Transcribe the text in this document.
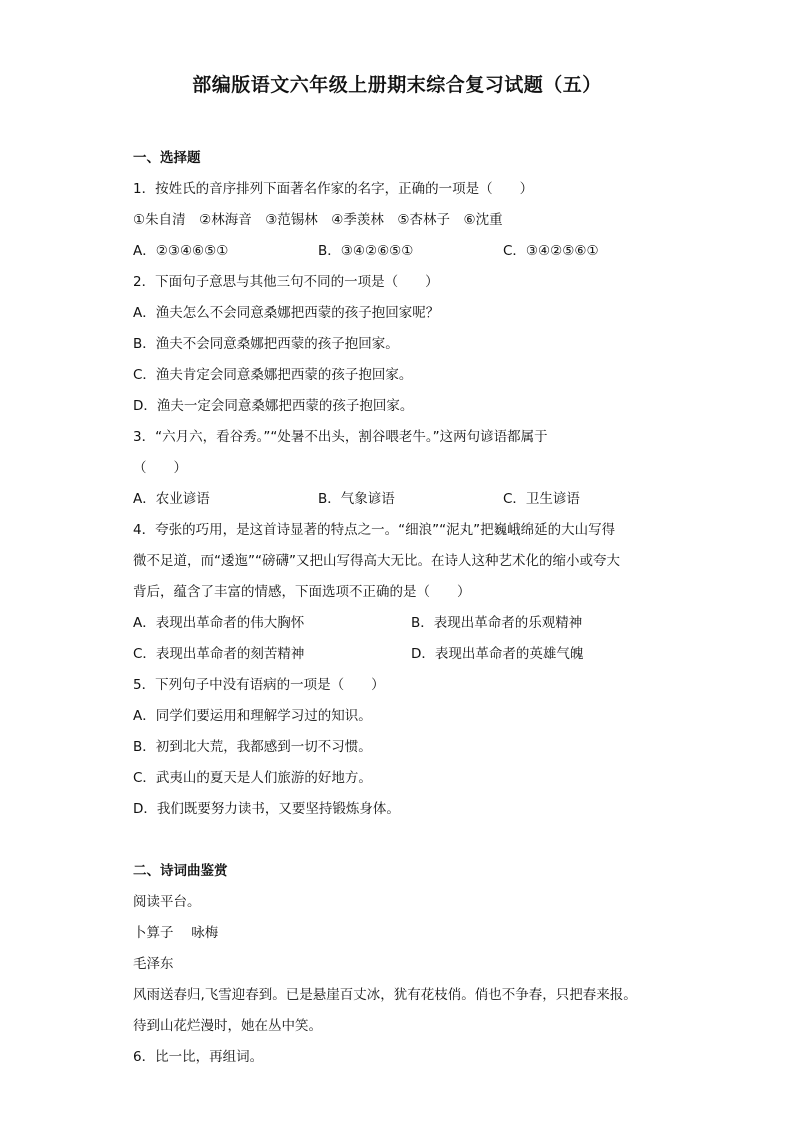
部编版语文六年级上册期末综合复习试题（五）
一、选择题
1．按姓氏的音序排列下面著名作家的名字，正确的一项是（　　）
①朱自清　②林海音　③范锡林　④季羡林　⑤杏林子　⑥沈重
A．②③④⑥⑤①	B．③④②⑥⑤①	C．③④②⑤⑥①
2．下面句子意思与其他三句不同的一项是（　　）
A．渔夫怎么不会同意桑娜把西蒙的孩子抱回家呢？
B．渔夫不会同意桑娜把西蒙的孩子抱回家。
C．渔夫肯定会同意桑娜把西蒙的孩子抱回家。
D．渔夫一定会同意桑娜把西蒙的孩子抱回家。
3．“六月六，看谷秀。”“处暑不出头，割谷喂老牛。”这两句谚语都属于
（　　）
A．农业谚语	B．气象谚语	C．卫生谚语
4．夸张的巧用，是这首诗显著的特点之一。“细浪”“泥丸”把巍峨绵延的大山写得
微不足道，而“逶迤”“磅礴”又把山写得高大无比。在诗人这种艺术化的缩小或夸大
背后，蕴含了丰富的情感，下面选项不正确的是（　　）
A．表现出革命者的伟大胸怀	B．表现出革命者的乐观精神
C．表现出革命者的刻苦精神	D．表现出革命者的英雄气魄
5．下列句子中没有语病的一项是（　　）
A．同学们要运用和理解学习过的知识。
B．初到北大荒，我都感到一切不习惯。
C．武夷山的夏天是人们旅游的好地方。
D．我们既要努力读书，又要坚持锻炼身体。
二、诗词曲鉴赏
阅读平台。
卜算子　 咏梅
毛泽东
风雨送春归,飞雪迎春到。已是悬崖百丈冰，犹有花枝俏。俏也不争春，只把春来报。
待到山花烂漫时，她在丛中笑。
6．比一比，再组词。
